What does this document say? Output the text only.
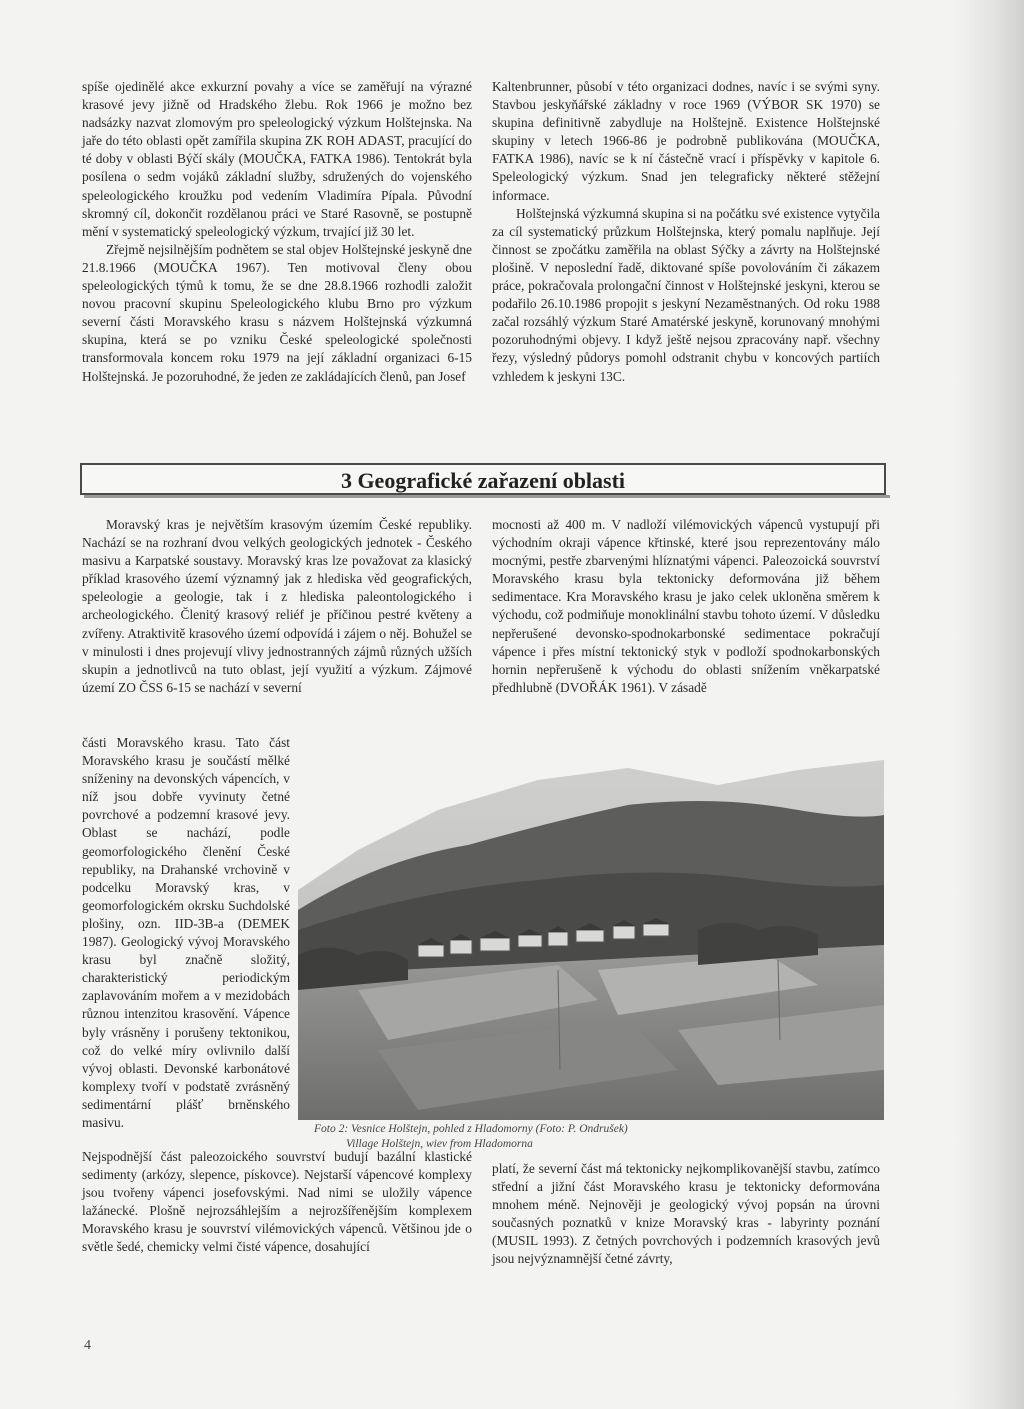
spíše ojedinělé akce exkurzní povahy a více se zaměřují na výrazné krasové jevy jižně od Hradského žlebu. Rok 1966 je možno bez nadsázky nazvat zlomovým pro speleologický výzkum Holštejnska. Na jaře do této oblasti opět zamířila skupina ZK ROH ADAST, pracující do té doby v oblasti Býčí skály (MOUČKA, FATKA 1986). Tentokrát byla posílena o sedm vojáků základní služby, sdružených do vojenského speleologického kroužku pod vedením Vladimíra Pípala. Původní skromný cíl, dokončit rozdělanou práci ve Staré Rasovně, se postupně mění v systematický speleologický výzkum, trvající již 30 let.

Zřejmě nejsilnějším podnětem se stal objev Holštejnské jeskyně dne 21.8.1966 (MOUČKA 1967). Ten motivoval členy obou speleologických týmů k tomu, že se dne 28.8.1966 rozhodli založit novou pracovní skupinu Speleologického klubu Brno pro výzkum severní části Moravského krasu s názvem Holštejnská výzkumná skupina, která se po vzniku České speleologické společnosti transformovala koncem roku 1979 na její základní organizaci 6-15 Holštejnská. Je pozoruhodné, že jeden ze zakládajících členů, pan Josef

Kaltenbrunner, působí v této organizaci dodnes, navíc i se svými syny. Stavbou jeskyňářské základny v roce 1969 (VÝBOR SK 1970) se skupina definitivně zabydluje na Holštejně. Existence Holštejnské skupiny v letech 1966-86 je podrobně publikována (MOUČKA, FATKA 1986), navíc se k ní částečně vrací i příspěvky v kapitole 6. Speleologický výzkum. Snad jen telegraficky některé stěžejní informace.

Holštejnská výzkumná skupina si na počátku své existence vytyčila za cíl systematický průzkum Holštejnska, který pomalu naplňuje. Její činnost se zpočátku zaměřila na oblast Sýčky a závrty na Holštejnské plošině. V neposlední řadě, diktované spíše povolováním či zákazem práce, pokračovala prolongační činnost v Holštejnské jeskyni, kterou se podařilo 26.10.1986 propojit s jeskyní Nezaměstnaných. Od roku 1988 začal rozsáhlý výzkum Staré Amatérské jeskyně, korunovaný mnohými pozoruhodnými objevy. I když ještě nejsou zpracovány např. všechny řezy, výsledný půdorys pomohl odstranit chybu v koncových partiích vzhledem k jeskyni 13C.

3 Geografické zařazení oblasti

Moravský kras je největším krasovým územím České republiky. Nachází se na rozhraní dvou velkých geologických jednotek - Českého masivu a Karpatské soustavy. Moravský kras lze považovat za klasický příklad krasového území významný jak z hlediska věd geografických, speleologie a geologie, tak i z hlediska paleontologického i archeologického. Členitý krasový reliéf je příčinou pestré květeny a zvířeny. Atraktivitě krasového území odpovídá i zájem o něj. Bohužel se v minulosti i dnes projevují vlivy jednostranných zájmů různých užších skupin a jednotlivců na tuto oblast, její využití a výzkum. Zájmové území ZO ČSS 6-15 se nachází v severní

části Moravského krasu. Tato část Moravského krasu je součástí mělké sníženiny na devonských vápencích, v níž jsou dobře vyvinuty četné povrchové a podzemní krasové jevy. Oblast se nachází, podle geomorfologického členění České republiky, na Drahanské vrchovině v podcelku Moravský kras, v geomorfologickém okrsku Suchdolské plošiny, ozn. IID-3B-a (DEMEK 1987). Geologický vývoj Moravského krasu byl značně složitý, charakteristický periodickým zaplavováním mořem a v mezidobách různou intenzitou krasovění. Vápence byly vrásněny i porušeny tektonikou, což do velké míry ovlivnilo další vývoj oblasti. Devonské karbonátové komplexy tvoří v podstatě zvrásněný sedimentární plášť brněnského masivu.

mocnosti až 400 m. V nadloží vilémovických vápenců vystupují při východním okraji vápence křtinské, které jsou reprezentovány málo mocnými, pestře zbarvenými hlíznatými vápenci. Paleozoická souvrství Moravského krasu byla tektonicky deformována již během sedimentace. Kra Moravského krasu je jako celek ukloněna směrem k východu, což podmiňuje monoklinální stavbu tohoto území. V důsledku nepřerušené devonsko-spodnokarbonské sedimentace pokračují vápence i přes místní tektonický styk v podloží spodnokarbonských hornin nepřerušeně k východu do oblasti snížením vněkarpatské předhlubně (DVOŘÁK 1961). V zásadě

Foto 2: Vesnice Holštejn, pohled z Hladomorny (Foto: P. Ondrušek)
Village Holštejn, wiev from Hladomorna

Nejspodnější část paleozoického souvrství budují bazální klastické sedimenty (arkózy, slepence, pískovce). Nejstarší vápencové komplexy jsou tvořeny vápenci josefovskými. Nad nimi se uložily vápence lažánecké. Plošně nejrozsáhlejším a nejrozšířenějším komplexem Moravského krasu je souvrství vilémovických vápenců. Většinou jde o světle šedé, chemicky velmi čisté vápence, dosahující

platí, že severní část má tektonicky nejkomplikovanější stavbu, zatímco střední a jižní část Moravského krasu je tektonicky deformována mnohem méně. Nejnověji je geologický vývoj popsán na úrovni současných poznatků v knize Moravský kras - labyrinty poznání (MUSIL 1993). Z četných povrchových i podzemních krasových jevů jsou nejvýznamnější četné závrty,

4
